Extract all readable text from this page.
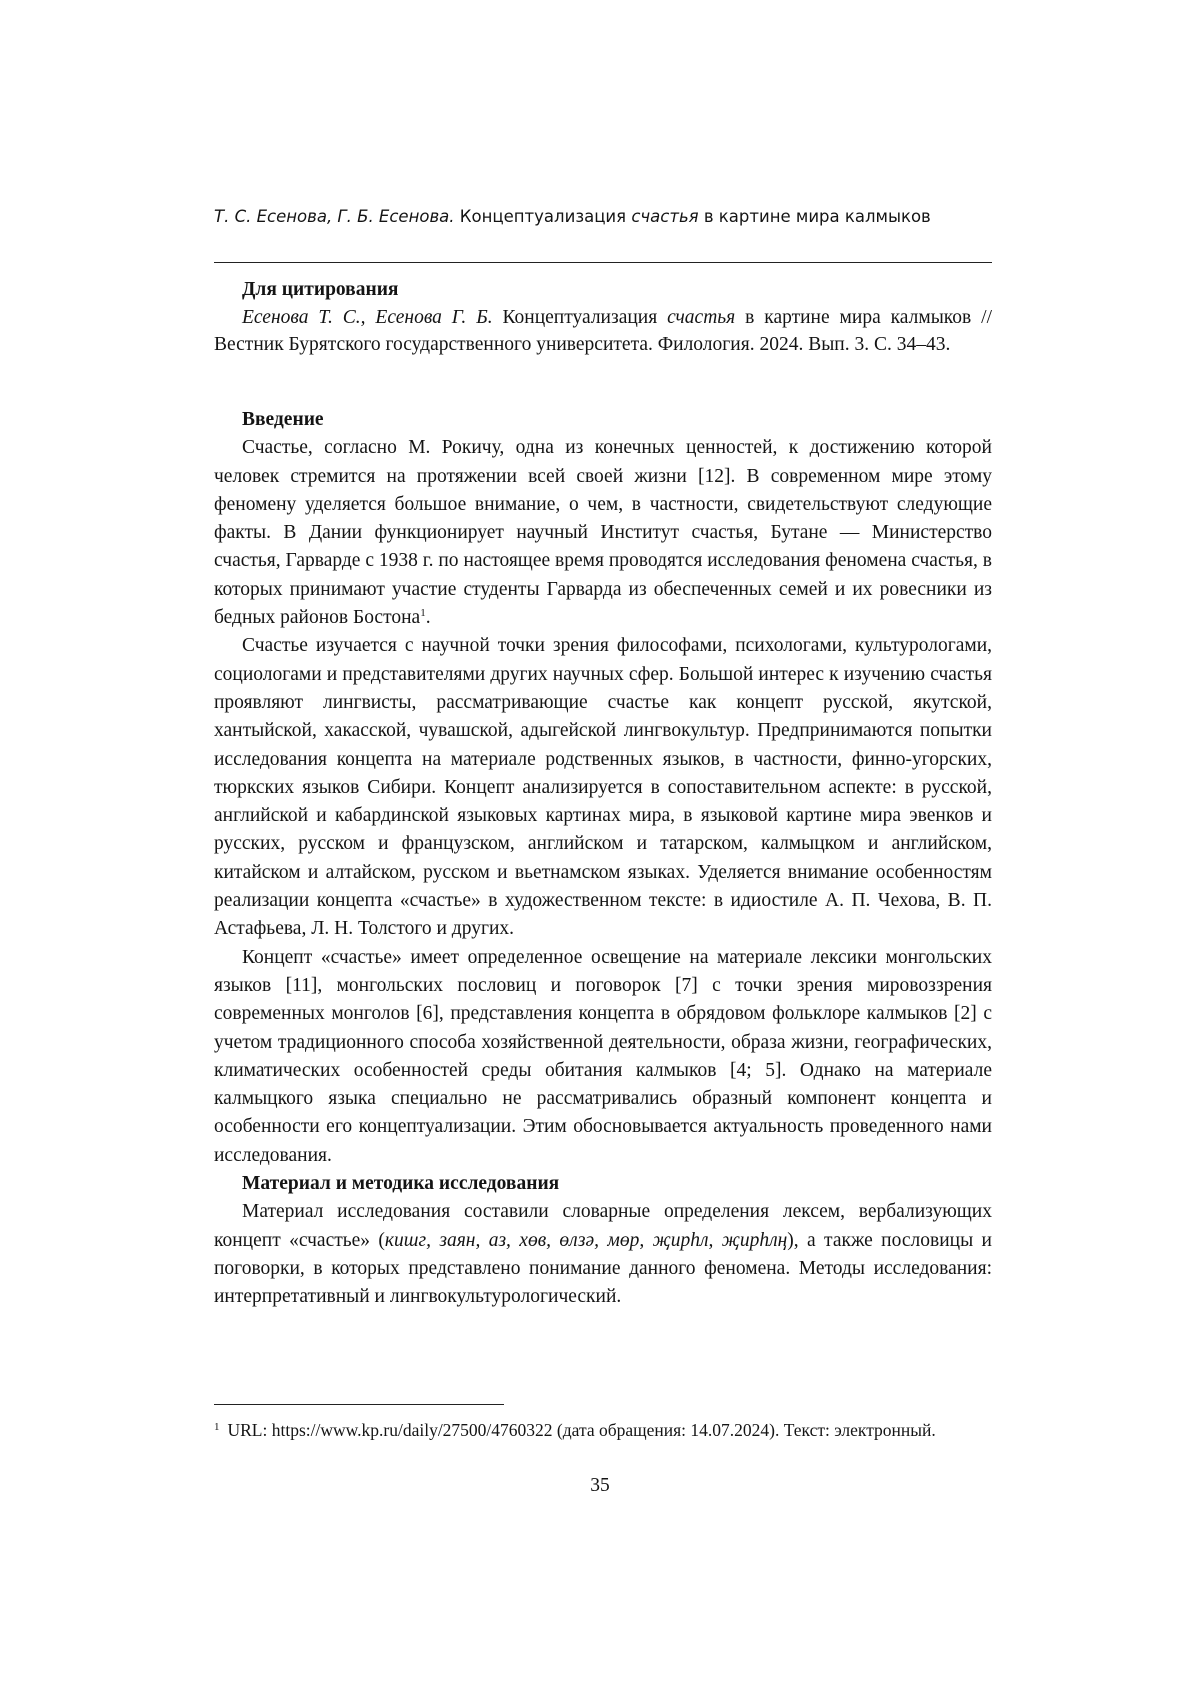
Т. С. Есенова, Г. Б. Есенова. Концептуализация счастья в картине мира калмыков
Для цитирования
Есенова Т. С., Есенова Г. Б. Концептуализация счастья в картине мира калмыков // Вестник Бурятского государственного университета. Филология. 2024. Вып. 3. С. 34–43.
Введение

Счастье, согласно М. Рокичу, одна из конечных ценностей, к достижению которой человек стремится на протяжении всей своей жизни [12]. В современном мире этому феномену уделяется большое внимание, о чем, в частности, свидетельствуют следующие факты. В Дании функционирует научный Институт счастья, Бутане — Министерство счастья, Гарварде с 1938 г. по настоящее время проводятся исследования феномена счастья, в которых принимают участие студенты Гарварда из обеспеченных семей и их ровесники из бедных районов Бостона1.

Счастье изучается с научной точки зрения философами, психологами, культурологами, социологами и представителями других научных сфер. Большой интерес к изучению счастья проявляют лингвисты, рассматривающие счастье как концепт русской, якутской, хантыйской, хакасской, чувашской, адыгейской лингвокультур. Предпринимаются попытки исследования концепта на материале родственных языков, в частности, финно-угорских, тюркских языков Сибири. Концепт анализируется в сопоставительном аспекте: в русской, английской и кабардинской языковых картинах мира, в языковой картине мира эвенков и русских, русском и французском, английском и татарском, калмыцком и английском, китайском и алтайском, русском и вьетнамском языках. Уделяется внимание особенностям реализации концепта «счастье» в художественном тексте: в идиостиле А. П. Чехова, В. П. Астафьева, Л. Н. Толстого и других.

Концепт «счастье» имеет определенное освещение на материале лексики монгольских языков [11], монгольских пословиц и поговорок [7] с точки зрения мировоззрения современных монголов [6], представления концепта в обрядовом фольклоре калмыков [2] с учетом традиционного способа хозяйственной деятельности, образа жизни, географических, климатических особенностей среды обитания калмыков [4; 5]. Однако на материале калмыцкого языка специально не рассматривались образный компонент концепта и особенности его концептуализации. Этим обосновывается актуальность проведенного нами исследования.

Материал и методика исследования

Материал исследования составили словарные определения лексем, вербализующих концепт «счастье» (кишг, заян, аз, хөв, өлзә, мөр, җирһл, җирһлң), а также пословицы и поговорки, в которых представлено понимание данного феномена. Методы исследования: интерпретативный и лингвокультурологический.

1 URL: https://www.kp.ru/daily/27500/4760322 (дата обращения: 14.07.2024). Текст: электронный.
35
